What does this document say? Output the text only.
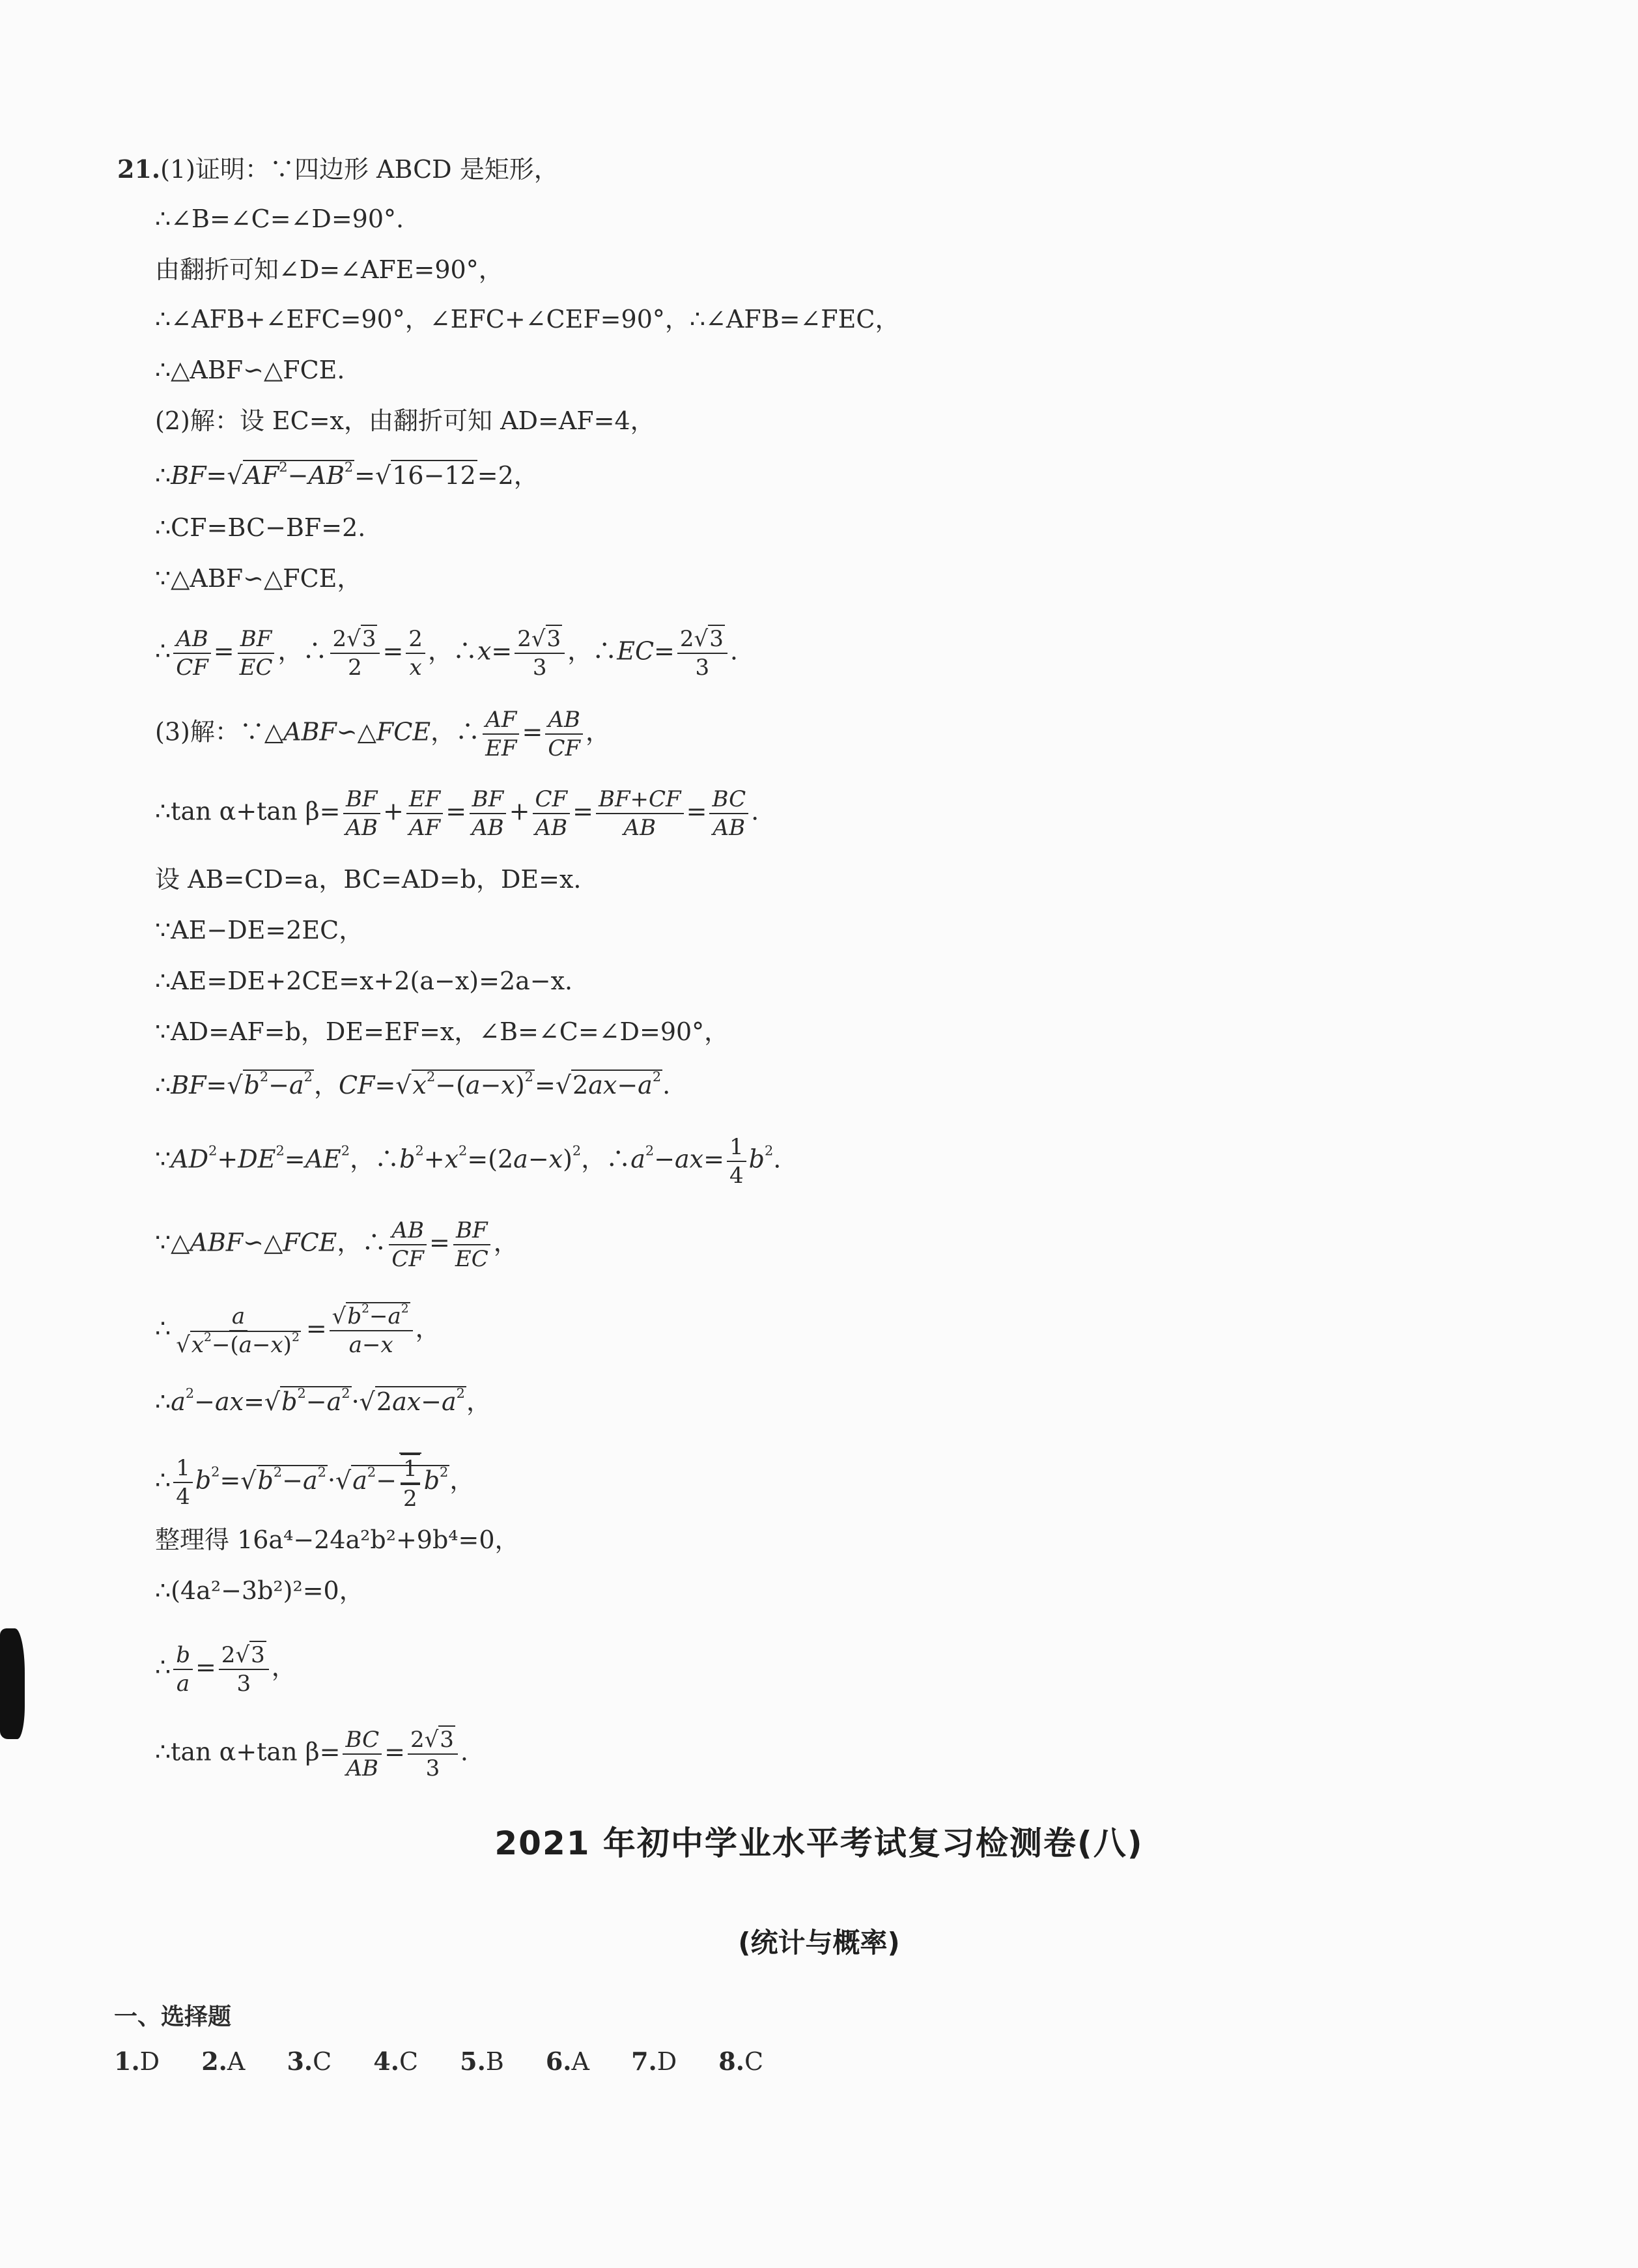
21.(1)证明：∵四边形 ABCD 是矩形，
∴∠B=∠C=∠D=90°.
由翻折可知∠D=∠AFE=90°，
∴∠AFB+∠EFC=90°，∠EFC+∠CEF=90°，∴∠AFB=∠FEC，
∴△ABF∽△FCE.
(2)解：设 EC=x，由翻折可知 AD=AF=4，
∴BF=√ $AF^2-AB^2=√$ 16−12=2，
∴CF=BC−BF=2.
∵△ABF∽△FCE，
∴ $\frac{AB}{CF} = \frac{BF}{EC}$ ，∴ $\frac{2√ 3}{2} = \frac{2}{x}$ ，∴x= $\frac{2√ 3}{3}$ ，∴EC= $\frac{2√ 3}{3}$ .
(3)解：∵△ABF∽△FCE，∴ $\frac{AF}{EF} = \frac{AB}{CF}$ ，
∴tan α+tan $\beta= \frac{BF}{AB} + \frac{EF}{AF} = \frac{BF}{AB} + \frac{CF}{AB} = \frac{BF+CF}{AB} = \frac{BC}{AB}$ .
设 AB=CD=a，BC=AD=b，DE=x.
∵AE−DE=2EC，
∴AE=DE+2CE=x+2(a−x)=2a−x.
∵AD=AF=b，DE=EF=x，∠B=∠C=∠D=90°，
∴BF=√ $b^2-a^2$，CF=√ $x^2-(a-x)^2=√$ $2ax-a^2$.
$\because AD^2+DE^2=AE^2$，$\therefore b^2+x^2=(2a-x)^2$，$\therefore a^2-ax= \frac{1}{4} b^2$.
∵△ABF∽△FCE，∴ $\frac{AB}{CF} = \frac{BF}{EC}$ ，
∴ a
√ $x^2-(a-x)^2$ =
√ $\frac{b^2-a^2}{a-x}$ ，
$\therefore a^2-ax=√$ $b^2-a^2\cdot√$ $2ax-a^2$，
∴ $\frac{1}{4} b^2=√$ $b^2-a^2\cdot√$ $a^2- \frac{1}{2} b^2$，
整理得 16a⁴−24a²b²+9b⁴=0，
∴(4a²−3b²)²=0，
∴ $\frac{b}{a} = \frac{2√ 3}{3}$ ，
∴tan α+tan $\beta= \frac{BC}{AB} = \frac{2√ 3}{3}$ .
2021 年初中学业水平考试复习检测卷(八)
(统计与概率)
一、选择题
1.D 2.A 3.C 4.C 5.B 6.A 7.D 8.C
